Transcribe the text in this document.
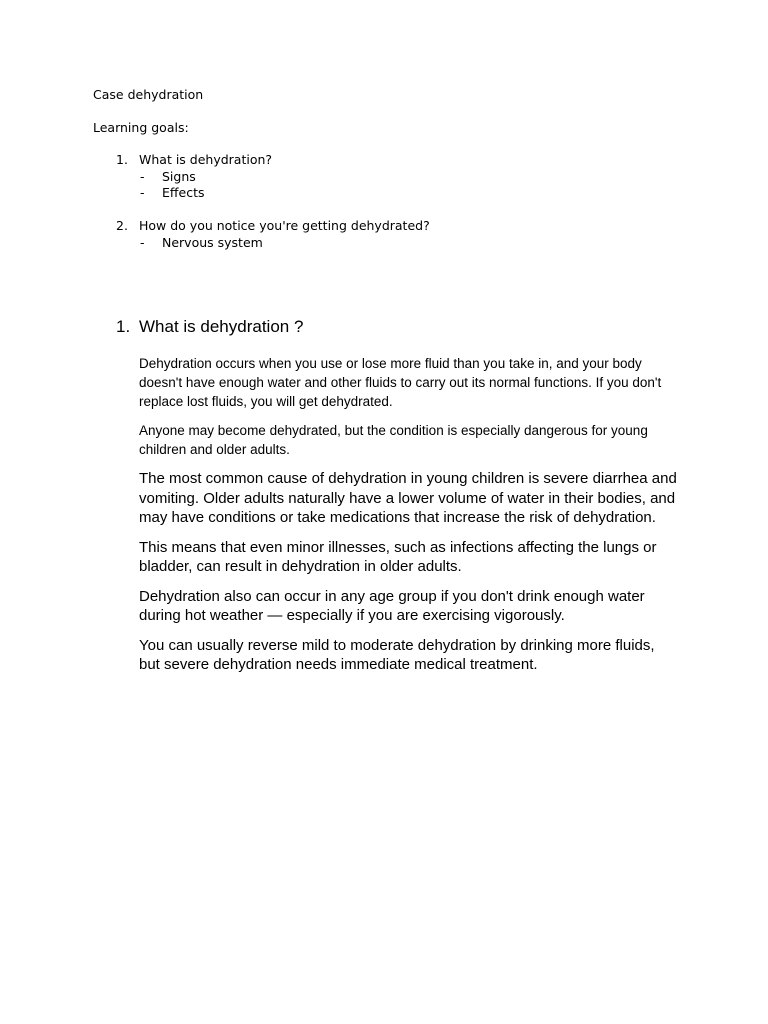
Case dehydration

Learning goals:

1. What is dehydration?
- Signs
- Effects
2. How do you notice you're getting dehydrated?
- Nervous system
1. What is dehydration ?

Dehydration occurs when you use or lose more fluid than you take in, and your body doesn't have enough water and other fluids to carry out its normal functions. If you don't replace lost fluids, you will get dehydrated.

Anyone may become dehydrated, but the condition is especially dangerous for young children and older adults.

The most common cause of dehydration in young children is severe diarrhea and vomiting. Older adults naturally have a lower volume of water in their bodies, and may have conditions or take medications that increase the risk of dehydration.

This means that even minor illnesses, such as infections affecting the lungs or bladder, can result in dehydration in older adults.

Dehydration also can occur in any age group if you don't drink enough water during hot weather — especially if you are exercising vigorously.

You can usually reverse mild to moderate dehydration by drinking more fluids, but severe dehydration needs immediate medical treatment.
